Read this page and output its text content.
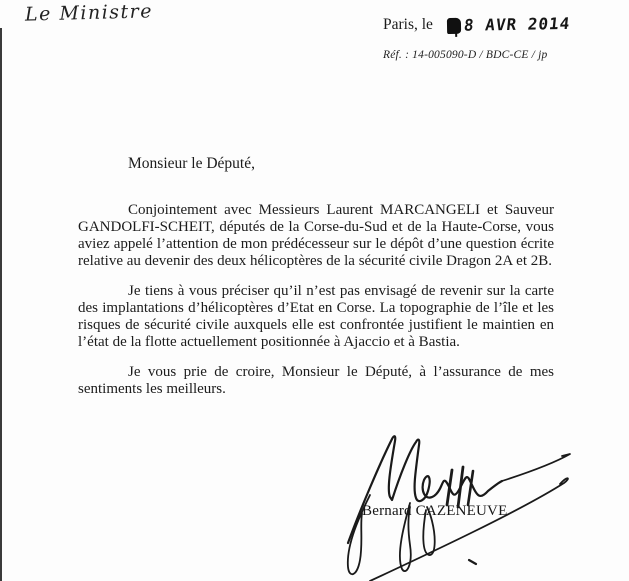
Le Ministre	Paris, le 8 AVR 2014
Réf. : 14-005090-D / BDC-CE / jp

Monsieur le Député,

Conjointement avec Messieurs Laurent MARCANGELI et Sauveur GANDOLFI-SCHEIT, députés de la Corse-du-Sud et de la Haute-Corse, vous aviez appelé l’attention de mon prédécesseur sur le dépôt d’une question écrite relative au devenir des deux hélicoptères de la sécurité civile Dragon 2A et 2B.

Je tiens à vous préciser qu’il n’est pas envisagé de revenir sur la carte des implantations d’hélicoptères d’Etat en Corse. La topographie de l’île et les risques de sécurité civile auxquels elle est confrontée justifient le maintien en l’état de la flotte actuellement positionnée à Ajaccio et à Bastia.

Je vous prie de croire, Monsieur le Député, à l’assurance de mes sentiments les meilleurs.

Bernard CAZENEUVE
